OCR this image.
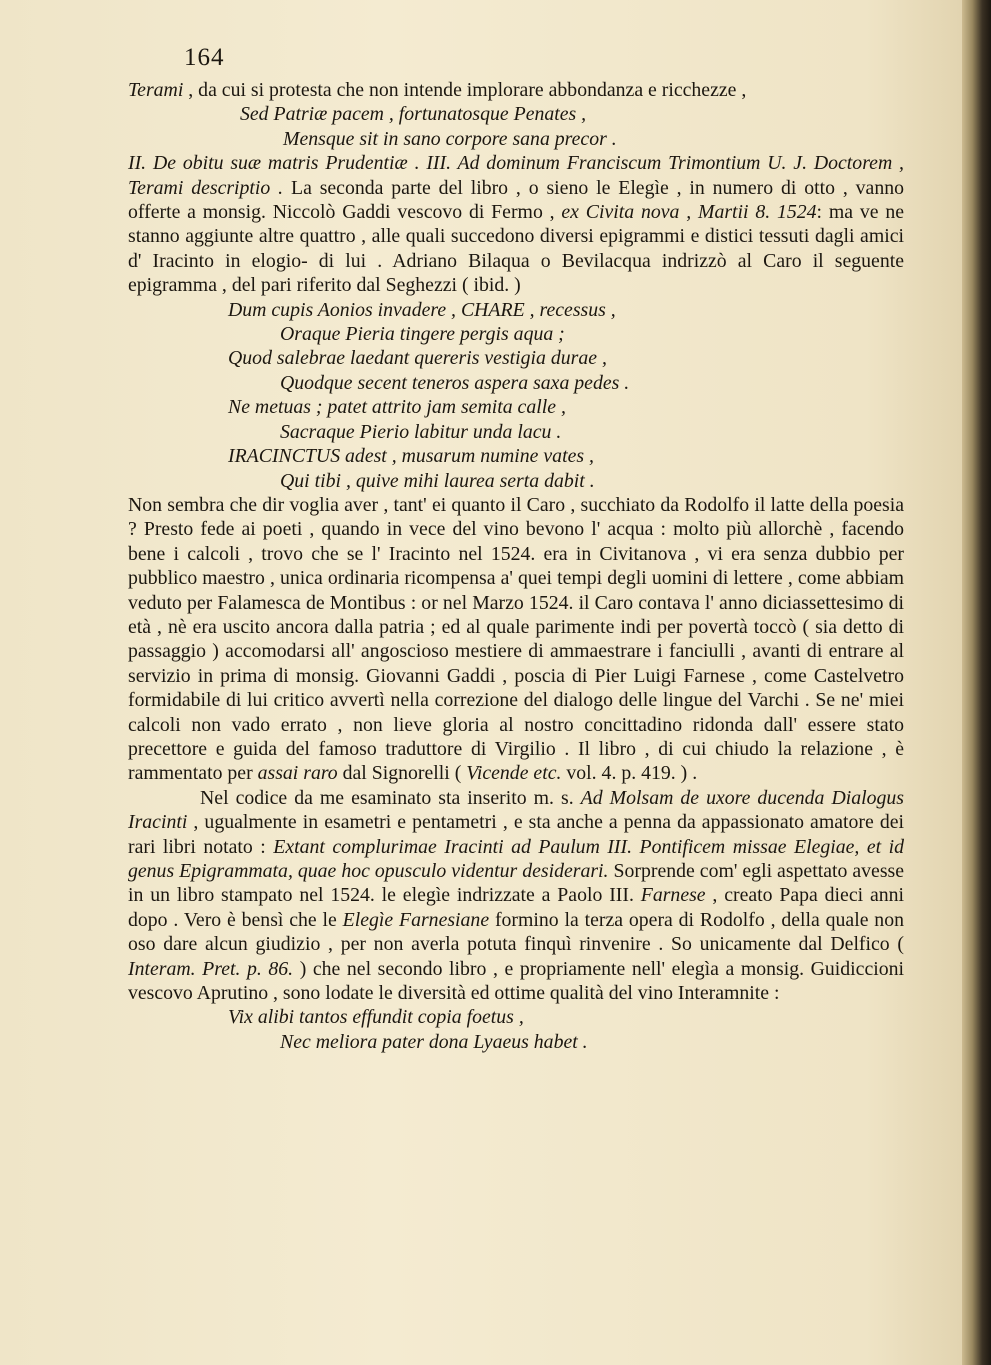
164

Terami , da cui si protesta che non intende implorare abbondanza e ricchezze ,

Sed Patriæ pacem , fortunatosque Penates ,
Mensque sit in sano corpore sana precor .

II. De obitu suæ matris Prudentiæ . III. Ad dominum Franciscum Trimontium U. J. Doctorem , Terami descriptio . La seconda parte del libro , o sieno le Elegìe , in numero di otto , vanno offerte a monsig. Niccolò Gaddi vescovo di Fermo , ex Civita nova , Martii 8. 1524: ma ve ne stanno aggiunte altre quattro , alle quali succedono diversi epigrammi e distici tessuti dagli amici d' Iracinto in elogio- di lui . Adriano Bilaqua o Bevilacqua indrizzò al Caro il seguente epigramma , del pari riferito dal Seghezzi ( ibid. )

Dum cupis Aonios invadere , CHARE , recessus ,
Oraque Pieria tingere pergis aqua ;
Quod salebrae laedant quereris vestigia durae ,
Quodque secent teneros aspera saxa pedes .
Ne metuas ; patet attrito jam semita calle ,
Sacraque Pierio labitur unda lacu .
IRACINCTUS adest , musarum numine vates ,
Qui tibi , quive mihi laurea serta dabit .

Non sembra che dir voglia aver , tant' ei quanto il Caro , succhiato da Rodolfo il latte della poesia ? Presto fede ai poeti , quando in vece del vino bevono l' acqua : molto più allorchè , facendo bene i calcoli , trovo che se l' Iracinto nel 1524. era in Civitanova , vi era senza dubbio per pubblico maestro , unica ordinaria ricompensa a' quei tempi degli uomini di lettere , come abbiam veduto per Falamesca de Montibus : or nel Marzo 1524. il Caro contava l' anno diciassettesimo di età , nè era uscito ancora dalla patria ; ed al quale parimente indi per povertà toccò ( sia detto di passaggio ) accomodarsi all' angoscioso mestiere di ammaestrare i fanciulli , avanti di entrare al servizio in prima di monsig. Giovanni Gaddi , poscia di Pier Luigi Farnese , come Castelvetro formidabile di lui critico avvertì nella correzione del dialogo delle lingue del Varchi . Se ne' miei calcoli non vado errato , non lieve gloria al nostro concittadino ridonda dall' essere stato precettore e guida del famoso traduttore di Virgilio . Il libro , di cui chiudo la relazione , è rammentato per assai raro dal Signorelli ( Vicende etc. vol. 4. p. 419. ) .

Nel codice da me esaminato sta inserito m. s. Ad Molsam de uxore ducenda Dialogus Iracinti , ugualmente in esametri e pentametri , e sta anche a penna da appassionato amatore dei rari libri notato : Extant complurimae Iracinti ad Paulum III. Pontificem missae Elegiae, et id genus Epigrammata, quae hoc opusculo videntur desiderari. Sorprende com' egli aspettato avesse in un libro stampato nel 1524. le elegìe indrizzate a Paolo III. Farnese , creato Papa dieci anni dopo . Vero è bensì che le Elegìe Farnesiane formino la terza opera di Rodolfo , della quale non oso dare alcun giudizio , per non averla potuta finquì rinvenire . So unicamente dal Delfico ( Interam. Pret. p. 86. ) che nel secondo libro , e propriamente nell' elegìa a monsig. Guidiccioni vescovo Aprutino , sono lodate le diversità ed ottime qualità del vino Interamnite :

Vix alibi tantos effundit copia foetus ,
Nec meliora pater dona Lyaeus habet .
